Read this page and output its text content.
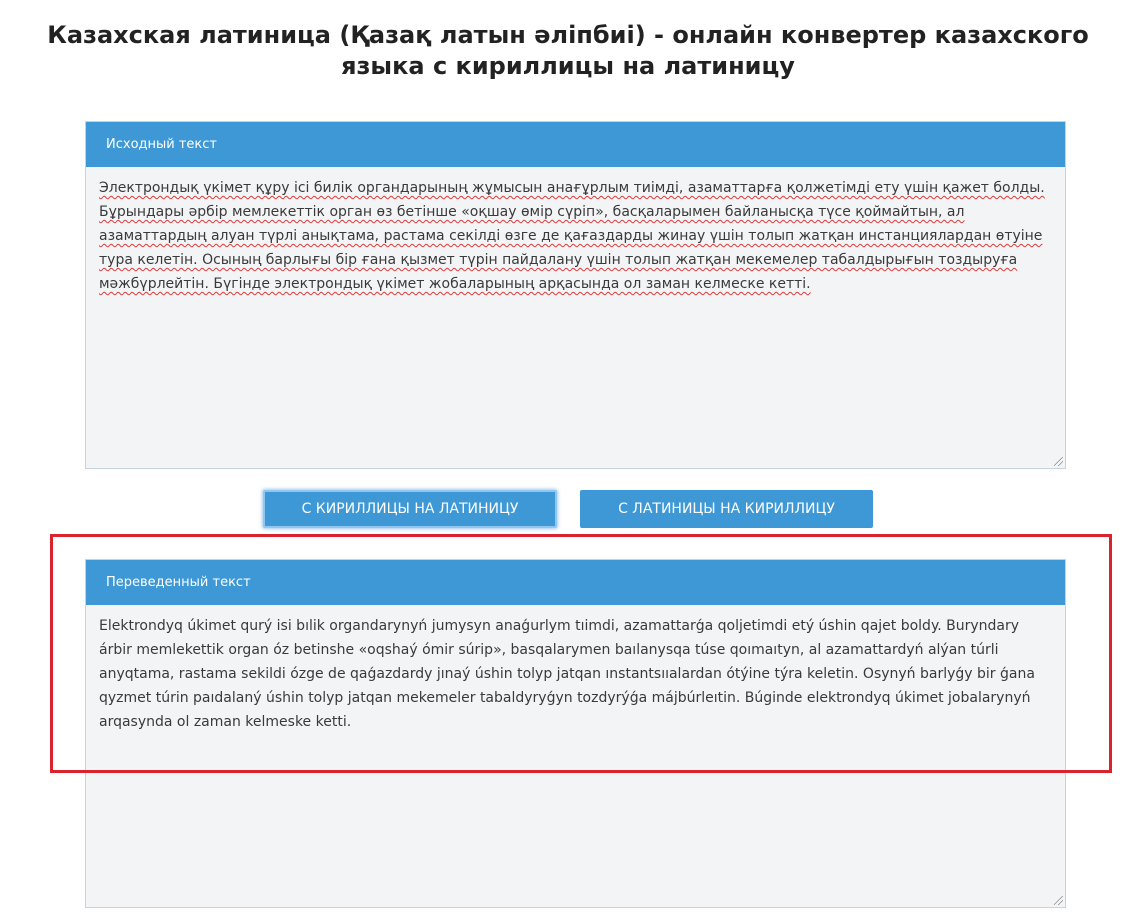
Казахская латиница (Қазақ латын әліпбиі) - онлайн конвертер казахского
языка с кириллицы на латиницу
Исходный текст
Электрондық үкімет құру ісі билік органдарының жұмысын анағұрлым тиімді, азаматтарға қолжетімді ету үшін қажет болды. Бұрындары әрбір мемлекеттік орган өз бетінше «оқшау өмір сүріп», басқаларымен байланысқа түсе қоймайтын, ал азаматтардың алуан түрлі анықтама, растама секілді өзге де қағаздарды жинау үшін толып жатқан инстанциялардан өтуіне тура келетін. Осының барлығы бір ғана қызмет түрін пайдалану үшін толып жатқан мекемелер табалдырығын тоздыруға мәжбүрлейтін. Бүгінде электрондық үкімет жобаларының арқасында ол заман келмеске кетті.
С КИРИЛЛИЦЫ НА ЛАТИНИЦУ	С ЛАТИНИЦЫ НА КИРИЛЛИЦУ
Переведенный текст
Elektrondyq úkimet qurý isi bılik organdarynyń jumysyn anaǵurlym tıimdi, azamattarǵa qoljetimdi etý úshin qajet boldy. Buryndary árbir memlekettik organ óz betinshe «oqshaý ómir súrip», basqalarymen baılanysqa túse qoımaıtyn, al azamattardyń alýan túrli anyqtama, rastama sekildi ózge de qaǵazdardy jınaý úshin tolyp jatqan ınstantsııalardan ótýine týra keletin. Osynyń barlyǵy bir ǵana qyzmet túrin paıdalaný úshin tolyp jatqan mekemeler tabaldyryǵyn tozdyrýǵa májbúrleıtin. Búginde elektrondyq úkimet jobalarynyń arqasynda ol zaman kelmeske ketti.
